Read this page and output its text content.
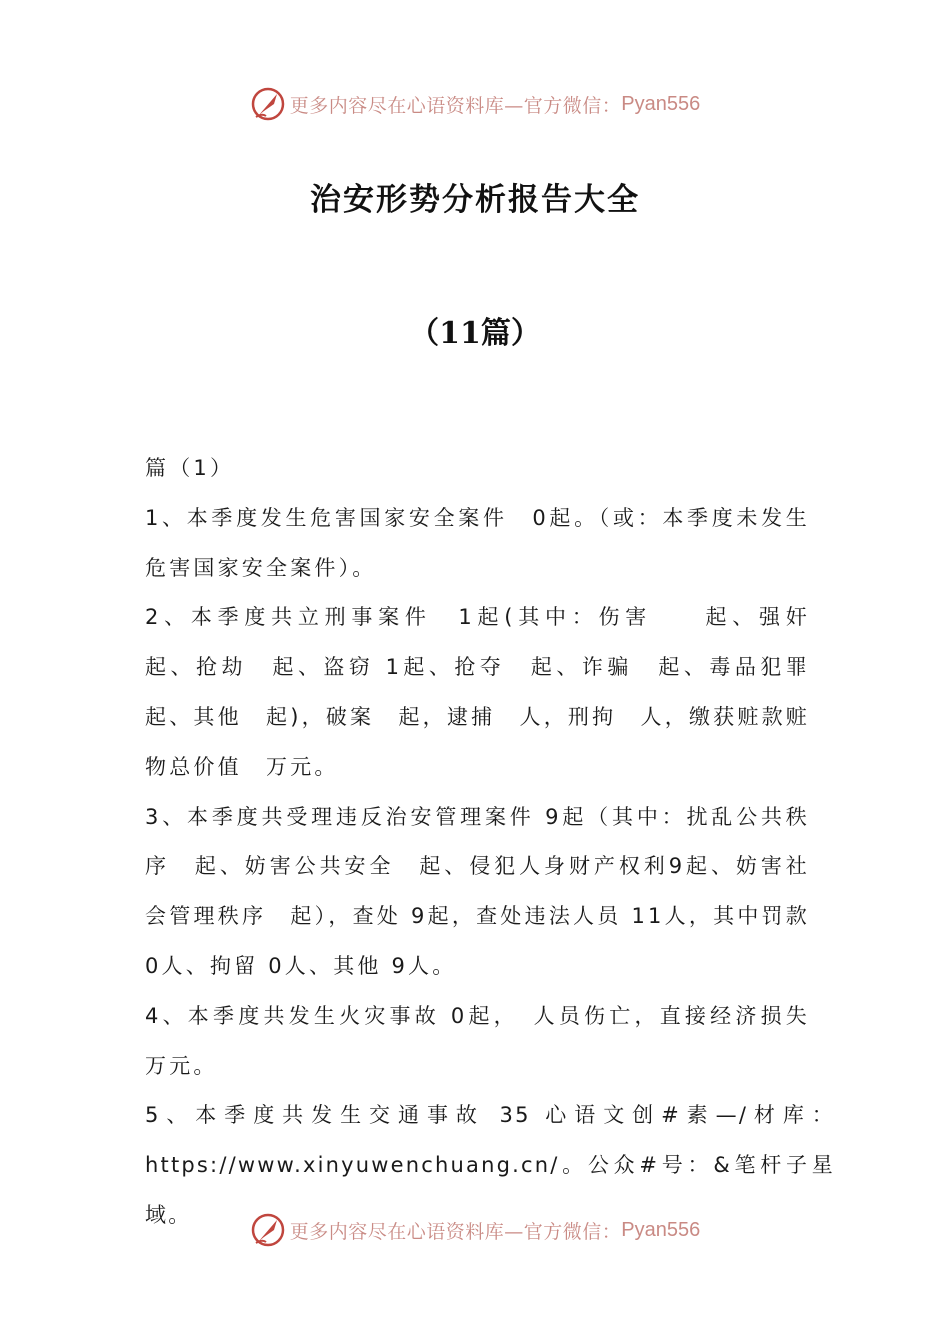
更多内容尽在心语资料库—官方微信： Pyan556
治安形势分析报告大全
（11篇）

篇（1）

1、本季度发生危害国家安全案件　0起。（或：本季度未发生危害国家安全案件）。

2、本季度共立刑事案件　1起(其中：伤害　　起、强奸　　起、抢劫　起、盗窃 1起、抢夺　起、诈骗　起、毒品犯罪　起、其他　起)，破案　起，逮捕　人，刑拘　人，缴获赃款赃物总价值　万元。

3、本季度共受理违反治安管理案件 9起（其中：扰乱公共秩序　起、妨害公共安全　起、侵犯人身财产权利9起、妨害社会管理秩序　起），查处 9起，查处违法人员 11人，其中罚款 0人、拘留 0人、其他 9人。

4、本季度共发生火灾事故 0起，　人员伤亡，直接经济损失　　万元。

5、本季度共发生交通事故 35 心语文创#素—/材库：https://www.xinyuwenchuang.cn/。公众#号：&笔杆子星域。

更多内容尽在心语资料库—官方微信： Pyan556
